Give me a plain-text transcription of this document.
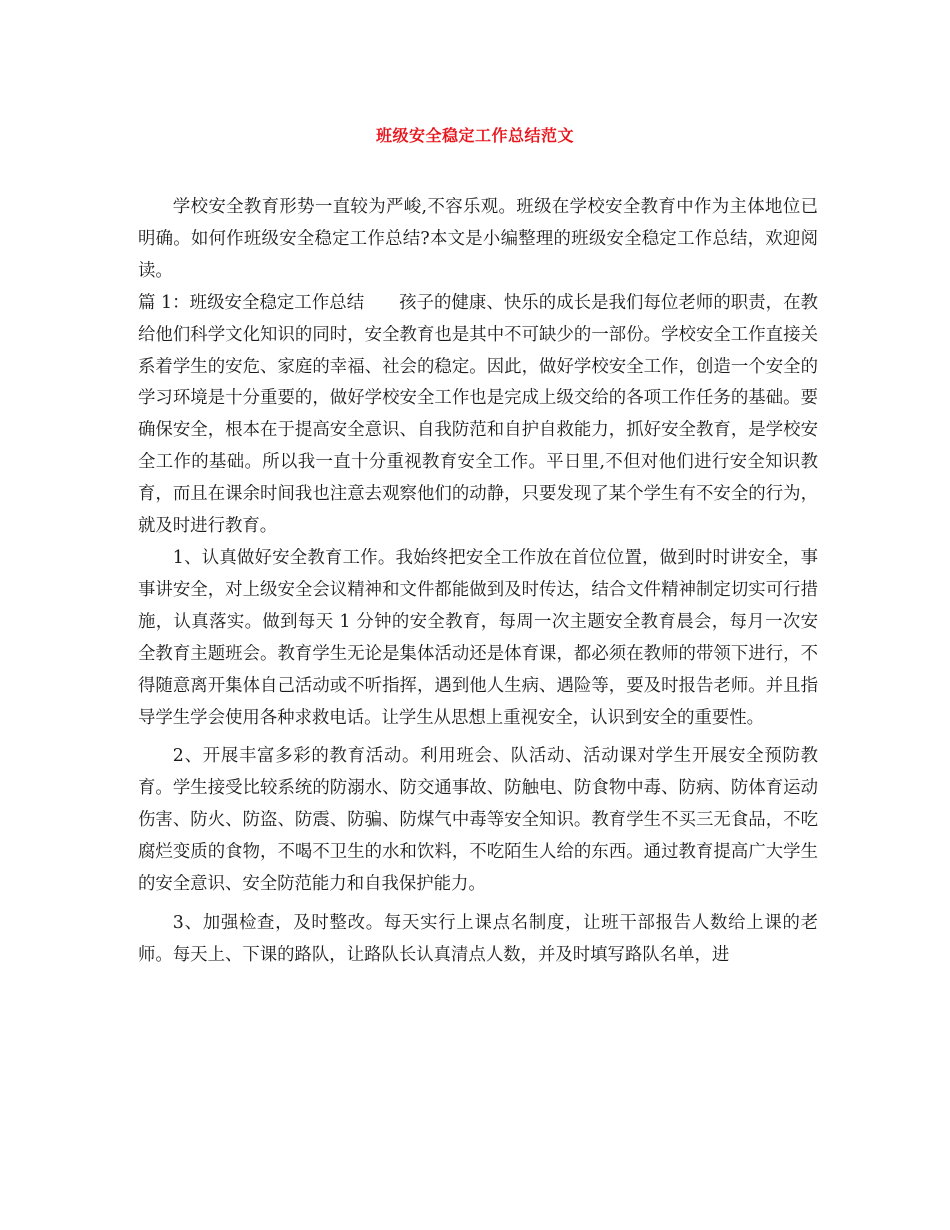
班级安全稳定工作总结范文

学校安全教育形势一直较为严峻,不容乐观。班级在学校安全教育中作为主体地位已明确。如何作班级安全稳定工作总结?本文是小编整理的班级安全稳定工作总结，欢迎阅读。

篇 1：班级安全稳定工作总结　　孩子的健康、快乐的成长是我们每位老师的职责，在教给他们科学文化知识的同时，安全教育也是其中不可缺少的一部份。学校安全工作直接关系着学生的安危、家庭的幸福、社会的稳定。因此，做好学校安全工作，创造一个安全的学习环境是十分重要的，做好学校安全工作也是完成上级交给的各项工作任务的基础。要确保安全，根本在于提高安全意识、自我防范和自护自救能力，抓好安全教育，是学校安全工作的基础。所以我一直十分重视教育安全工作。平日里,不但对他们进行安全知识教育，而且在课余时间我也注意去观察他们的动静，只要发现了某个学生有不安全的行为，就及时进行教育。

1、认真做好安全教育工作。我始终把安全工作放在首位位置，做到时时讲安全，事事讲安全，对上级安全会议精神和文件都能做到及时传达，结合文件精神制定切实可行措施，认真落实。做到每天 1 分钟的安全教育，每周一次主题安全教育晨会，每月一次安全教育主题班会。教育学生无论是集体活动还是体育课，都必须在教师的带领下进行，不得随意离开集体自己活动或不听指挥，遇到他人生病、遇险等，要及时报告老师。并且指导学生学会使用各种求救电话。让学生从思想上重视安全，认识到安全的重要性。

2、开展丰富多彩的教育活动。利用班会、队活动、活动课对学生开展安全预防教育。学生接受比较系统的防溺水、防交通事故、防触电、防食物中毒、防病、防体育运动伤害、防火、防盗、防震、防骗、防煤气中毒等安全知识。教育学生不买三无食品，不吃腐烂变质的食物，不喝不卫生的水和饮料，不吃陌生人给的东西。通过教育提高广大学生的安全意识、安全防范能力和自我保护能力。

3、加强检查，及时整改。每天实行上课点名制度，让班干部报告人数给上课的老师。每天上、下课的路队，让路队长认真清点人数，并及时填写路队名单，进
